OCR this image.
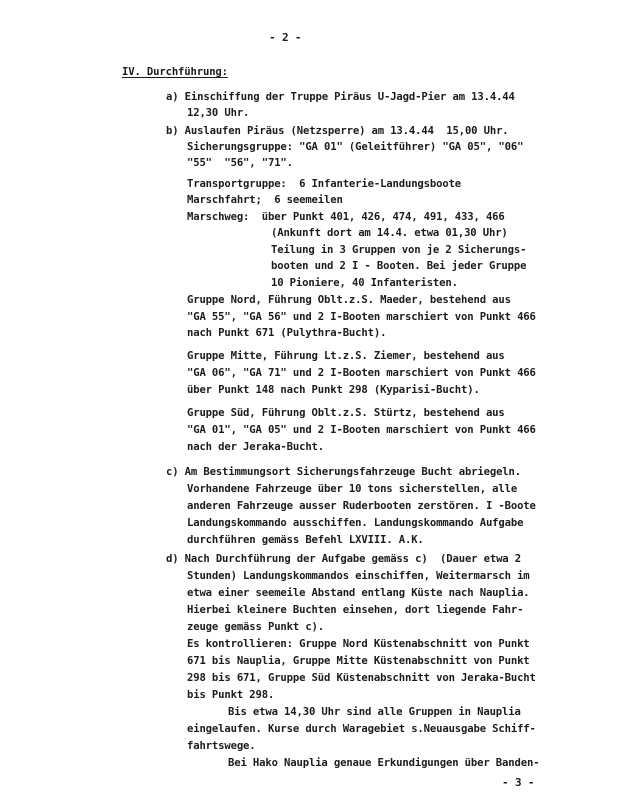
- 2 -
IV. Durchführung:
a) Einschiffung der Truppe Piräus U-Jagd-Pier am 13.4.44
12,30 Uhr.
b) Auslaufen Piräus (Netzsperre) am 13.4.44  15,00 Uhr.
Sicherungsgruppe: "GA 01" (Geleitführer) "GA 05", "06"
"55"  "56", "71".
Transportgruppe:  6 Infanterie-Landungsboote
Marschfahrt;  6 seemeilen
Marschweg:  über Punkt 401, 426, 474, 491, 433, 466
(Ankunft dort am 14.4. etwa 01,30 Uhr)
Teilung in 3 Gruppen von je 2 Sicherungs-
booten und 2 I - Booten. Bei jeder Gruppe
10 Pioniere, 40 Infanteristen.
Gruppe Nord, Führung Oblt.z.S. Maeder, bestehend aus
"GA 55", "GA 56" und 2 I-Booten marschiert von Punkt 466
nach Punkt 671 (Pulythra-Bucht).
Gruppe Mitte, Führung Lt.z.S. Ziemer, bestehend aus
"GA 06", "GA 71" und 2 I-Booten marschiert von Punkt 466
über Punkt 148 nach Punkt 298 (Kyparisi-Bucht).
Gruppe Süd, Führung Oblt.z.S. Stürtz, bestehend aus
"GA 01", "GA 05" und 2 I-Booten marschiert von Punkt 466
nach der Jeraka-Bucht.
c) Am Bestimmungsort Sicherungsfahrzeuge Bucht abriegeln.
Vorhandene Fahrzeuge über 10 tons sicherstellen, alle
anderen Fahrzeuge ausser Ruderbooten zerstören. I -Boote
Landungskommando ausschiffen. Landungskommando Aufgabe
durchführen gemäss Befehl LXVIII. A.K.
d) Nach Durchführung der Aufgabe gemäss c)  (Dauer etwa 2
Stunden) Landungskommandos einschiffen, Weitermarsch im
etwa einer seemeile Abstand entlang Küste nach Nauplia.
Hierbei kleinere Buchten einsehen, dort liegende Fahr-
zeuge gemäss Punkt c).
Es kontrollieren: Gruppe Nord Küstenabschnitt von Punkt
671 bis Nauplia, Gruppe Mitte Küstenabschnitt von Punkt
298 bis 671, Gruppe Süd Küstenabschnitt von Jeraka-Bucht
bis Punkt 298.
Bis etwa 14,30 Uhr sind alle Gruppen in Nauplia
eingelaufen. Kurse durch Waragebiet s.Neuausgabe Schiff-
fahrtswege.
Bei Hako Nauplia genaue Erkundigungen über Banden-
- 3 -
